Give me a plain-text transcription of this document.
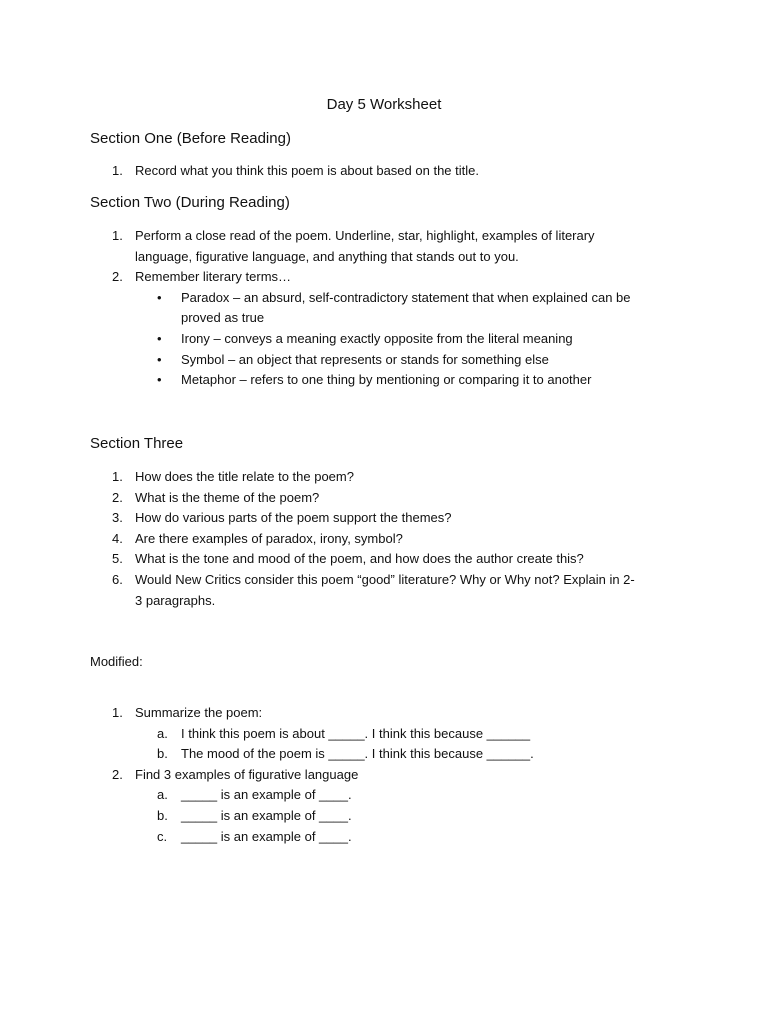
Day 5 Worksheet
Section One (Before Reading)
1. Record what you think this poem is about based on the title.
Section Two (During Reading)
1. Perform a close read of the poem. Underline, star, highlight, examples of literary
language, figurative language, and anything that stands out to you.
2. Remember literary terms…
• Paradox – an absurd, self-contradictory statement that when explained can be
proved as true
• Irony – conveys a meaning exactly opposite from the literal meaning
• Symbol – an object that represents or stands for something else
• Metaphor – refers to one thing by mentioning or comparing it to another
Section Three
1. How does the title relate to the poem?
2. What is the theme of the poem?
3. How do various parts of the poem support the themes?
4. Are there examples of paradox, irony, symbol?
5. What is the tone and mood of the poem, and how does the author create this?
6. Would New Critics consider this poem “good” literature? Why or Why not? Explain in 2-
3 paragraphs.
Modified:
1. Summarize the poem:
a. I think this poem is about _____. I think this because ______
b. The mood of the poem is _____. I think this because ______.
2. Find 3 examples of figurative language
a. _____ is an example of ____.
b. _____ is an example of ____.
c. _____ is an example of ____.
